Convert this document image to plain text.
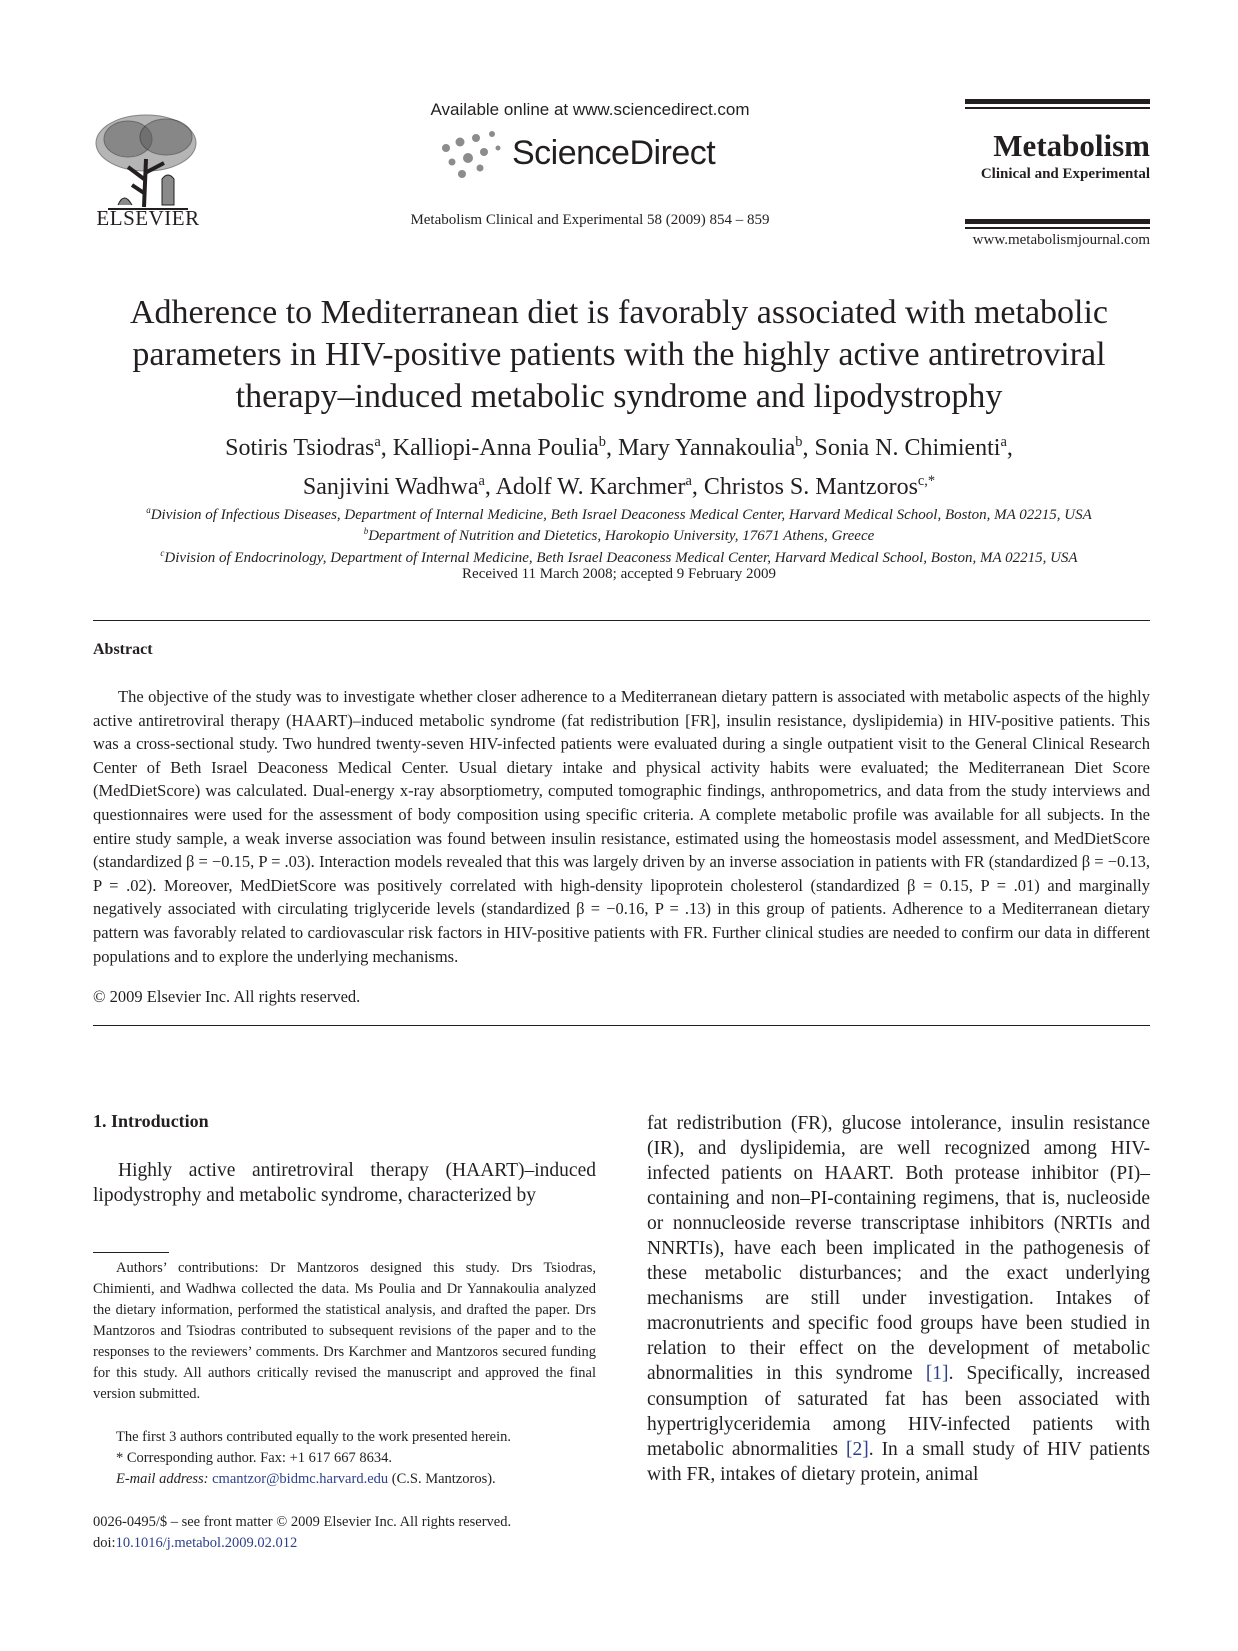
ELSEVIER
Available online at www.sciencedirect.com
ScienceDirect
Metabolism Clinical and Experimental 58 (2009) 854 – 859
Metabolism
Clinical and Experimental
www.metabolismjournal.com
Adherence to Mediterranean diet is favorably associated with metabolic parameters in HIV-positive patients with the highly active antiretroviral therapy–induced metabolic syndrome and lipodystrophy
Sotiris Tsiodras$^a$, Kalliopi-Anna Poulia$^b$, Mary Yannakoulia$^b$, Sonia N. Chimienti$^a$,
Sanjivini Wadhwa$^a$, Adolf W. Karchmer$^a$, Christos S. Mantzoros$^{c,*}$
$^a$Division of Infectious Diseases, Department of Internal Medicine, Beth Israel Deaconess Medical Center, Harvard Medical School, Boston, MA 02215, USA
$^b$Department of Nutrition and Dietetics, Harokopio University, 17671 Athens, Greece
$^c$Division of Endocrinology, Department of Internal Medicine, Beth Israel Deaconess Medical Center, Harvard Medical School, Boston, MA 02215, USA
Received 11 March 2008; accepted 9 February 2009
Abstract
The objective of the study was to investigate whether closer adherence to a Mediterranean dietary pattern is associated with metabolic aspects of the highly active antiretroviral therapy (HAART)–induced metabolic syndrome (fat redistribution [FR], insulin resistance, dyslipidemia) in HIV-positive patients. This was a cross-sectional study. Two hundred twenty-seven HIV-infected patients were evaluated during a single outpatient visit to the General Clinical Research Center of Beth Israel Deaconess Medical Center. Usual dietary intake and physical activity habits were evaluated; the Mediterranean Diet Score (MedDietScore) was calculated. Dual-energy x-ray absorptiometry, computed tomographic findings, anthropometrics, and data from the study interviews and questionnaires were used for the assessment of body composition using specific criteria. A complete metabolic profile was available for all subjects. In the entire study sample, a weak inverse association was found between insulin resistance, estimated using the homeostasis model assessment, and MedDietScore (standardized β = −0.15, P = .03). Interaction models revealed that this was largely driven by an inverse association in patients with FR (standardized β = −0.13, P = .02). Moreover, MedDietScore was positively correlated with high-density lipoprotein cholesterol (standardized β = 0.15, P = .01) and marginally negatively associated with circulating triglyceride levels (standardized β = −0.16, P = .13) in this group of patients. Adherence to a Mediterranean dietary pattern was favorably related to cardiovascular risk factors in HIV-positive patients with FR. Further clinical studies are needed to confirm our data in different populations and to explore the underlying mechanisms.
© 2009 Elsevier Inc. All rights reserved.
1. Introduction
Highly active antiretroviral therapy (HAART)–induced lipodystrophy and metabolic syndrome, characterized by
Authors’ contributions: Dr Mantzoros designed this study. Drs Tsiodras, Chimienti, and Wadhwa collected the data. Ms Poulia and Dr Yannakoulia analyzed the dietary information, performed the statistical analysis, and drafted the paper. Drs Mantzoros and Tsiodras contributed to subsequent revisions of the paper and to the responses to the reviewers’ comments. Drs Karchmer and Mantzoros secured funding for this study. All authors critically revised the manuscript and approved the final version submitted.
The first 3 authors contributed equally to the work presented herein.
* Corresponding author. Fax: +1 617 667 8634.
E-mail address: cmantzor@bidmc.harvard.edu (C.S. Mantzoros).
0026-0495/$ – see front matter © 2009 Elsevier Inc. All rights reserved.
doi:10.1016/j.metabol.2009.02.012
fat redistribution (FR), glucose intolerance, insulin resistance (IR), and dyslipidemia, are well recognized among HIV-infected patients on HAART. Both protease inhibitor (PI)–containing and non–PI-containing regimens, that is, nucleoside or nonnucleoside reverse transcriptase inhibitors (NRTIs and NNRTIs), have each been implicated in the pathogenesis of these metabolic disturbances; and the exact underlying mechanisms are still under investigation. Intakes of macronutrients and specific food groups have been studied in relation to their effect on the development of metabolic abnormalities in this syndrome [1]. Specifically, increased consumption of saturated fat has been associated with hypertriglyceridemia among HIV-infected patients with metabolic abnormalities [2]. In a small study of HIV patients with FR, intakes of dietary protein, animal
